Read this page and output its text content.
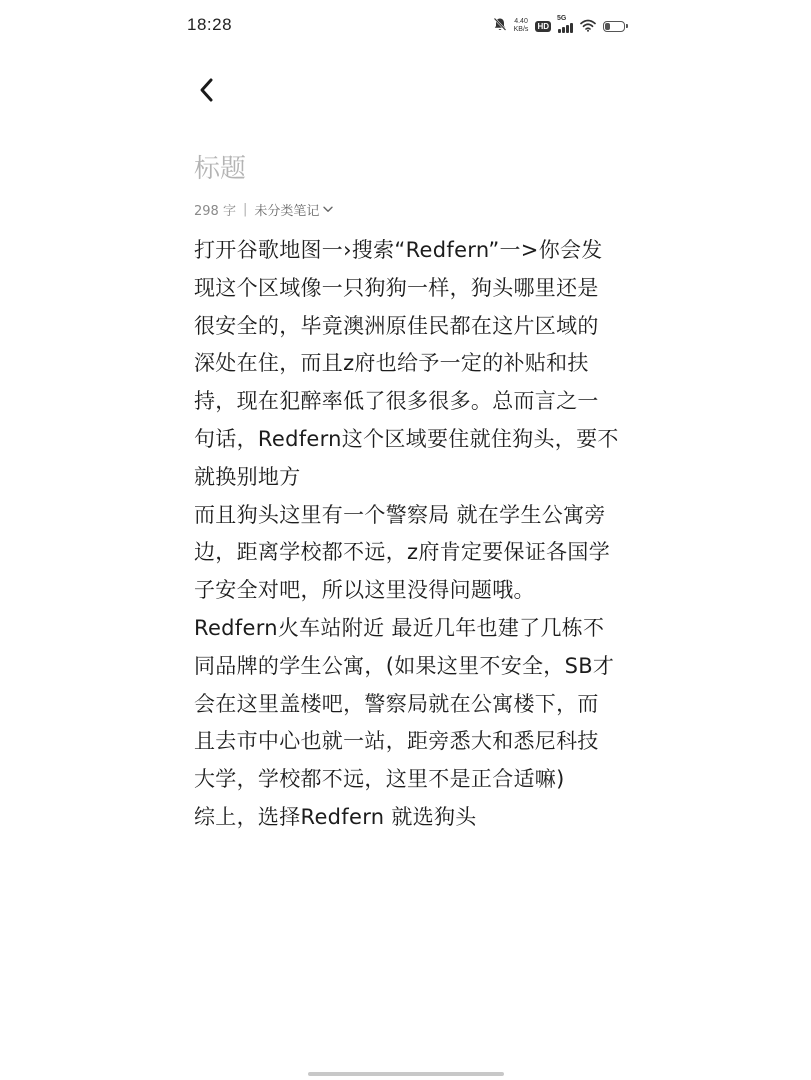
18:28	4.40
KB/s HD
5G
标题
298 字 | 未分类笔记
打开谷歌地图一›搜索“Redfern”一>你会发现这个区域像一只狗狗一样，狗头哪里还是很安全的，毕竟澳洲原佳民都在这片区域的深处在住，而且z府也给予一定的补贴和扶持，现在犯醉率低了很多很多。总而言之一句话，Redfern这个区域要住就住狗头，要不就换别地方
而且狗头这里有一个警察局 就在学生公寓旁边，距离学校都不远，z府肯定要保证各国学子安全对吧，所以这里没得问题哦。
Redfern火车站附近 最近几年也建了几栋不同品牌的学生公寓，(如果这里不安全，SB才会在这里盖楼吧，警察局就在公寓楼下，而且去市中心也就一站，距旁悉大和悉尼科技大学，学校都不远，这里不是正合适嘛)
综上，选择Redfern 就选狗头
